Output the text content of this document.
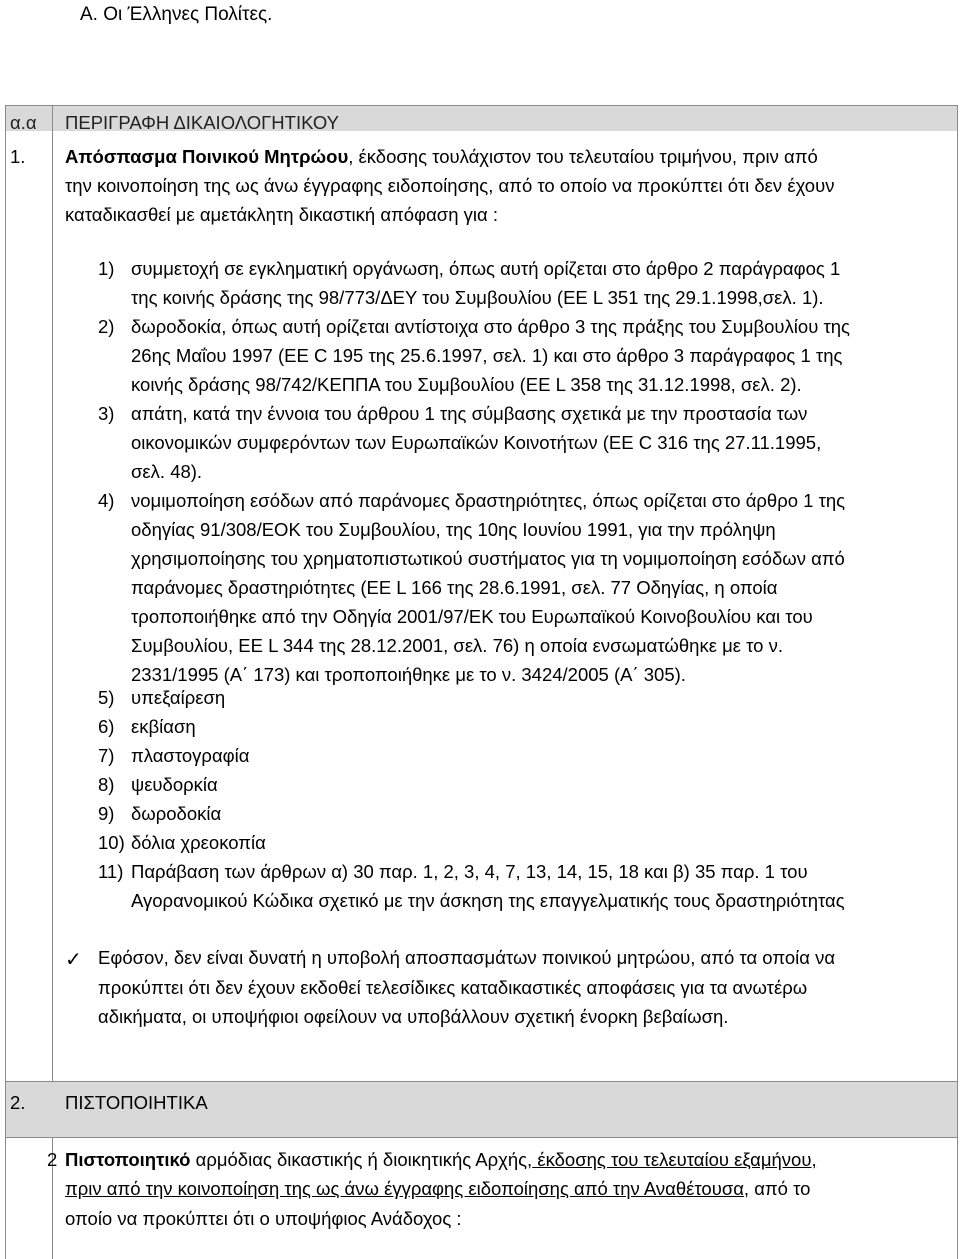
Α. Οι Έλληνες Πολίτες.
α.α ΠΕΡΙΓΡΑΦΗ ΔΙΚΑΙΟΛΟΓΗΤΙΚΟΥ
1. Απόσπασμα Ποινικού Μητρώου, έκδοσης τουλάχιστον του τελευταίου τριμήνου, πριν από
την κοινοποίηση της ως άνω έγγραφης ειδοποίησης, από το οποίο να προκύπτει ότι δεν έχουν
καταδικασθεί με αμετάκλητη δικαστική απόφαση για :
1) συμμετοχή σε εγκληματική οργάνωση, όπως αυτή ορίζεται στο άρθρο 2 παράγραφος 1
της κοινής δράσης της 98/773/ΔΕΥ του Συμβουλίου (ΕΕ L 351 της 29.1.1998,σελ. 1).
2) δωροδοκία, όπως αυτή ορίζεται αντίστοιχα στο άρθρο 3 της πράξης του Συμβουλίου της
26ης Μαΐου 1997 (ΕΕ C 195 της 25.6.1997, σελ. 1) και στο άρθρο 3 παράγραφος 1 της
κοινής δράσης 98/742/ΚΕΠΠΑ του Συμβουλίου (ΕΕ L 358 της 31.12.1998, σελ. 2).
3) απάτη, κατά την έννοια του άρθρου 1 της σύμβασης σχετικά με την προστασία των
οικονομικών συμφερόντων των Ευρωπαϊκών Κοινοτήτων (ΕΕ C 316 της 27.11.1995,
σελ. 48).
4) νομιμοποίηση εσόδων από παράνομες δραστηριότητες, όπως ορίζεται στο άρθρο 1 της
οδηγίας 91/308/ΕΟΚ του Συμβουλίου, της 10ης Ιουνίου 1991, για την πρόληψη
χρησιμοποίησης του χρηματοπιστωτικού συστήματος για τη νομιμοποίηση εσόδων από
παράνομες δραστηριότητες (ΕΕ L 166 της 28.6.1991, σελ. 77 Οδηγίας, η οποία
τροποποιήθηκε από την Οδηγία 2001/97/ΕΚ του Ευρωπαϊκού Κοινοβουλίου και του
Συμβουλίου, ΕΕ L 344 της 28.12.2001, σελ. 76) η οποία ενσωματώθηκε με το ν.
2331/1995 (Α΄ 173) και τροποποιήθηκε με το ν. 3424/2005 (Α΄ 305).
5) υπεξαίρεση
6) εκβίαση
7) πλαστογραφία
8) ψευδορκία
9) δωροδοκία
10) δόλια χρεοκοπία
11) Παράβαση των άρθρων α) 30 παρ. 1, 2, 3, 4, 7, 13, 14, 15, 18 και β) 35 παρ. 1 του
Αγορανομικού Κώδικα σχετικό με την άσκηση της επαγγελματικής τους δραστηριότητας
✓ Εφόσον, δεν είναι δυνατή η υποβολή αποσπασμάτων ποινικού μητρώου, από τα οποία να
προκύπτει ότι δεν έχουν εκδοθεί τελεσίδικες καταδικαστικές αποφάσεις για τα ανωτέρω
αδικήματα, οι υποψήφιοι οφείλουν να υποβάλλουν σχετική ένορκη βεβαίωση.
2. ΠΙΣΤΟΠΟΙΗΤΙΚΑ
2 Πιστοποιητικό αρμόδιας δικαστικής ή διοικητικής Αρχής, έκδοσης του τελευταίου εξαμήνου,
πριν από την κοινοποίηση της ως άνω έγγραφης ειδοποίησης από την Αναθέτουσα, από το
οποίο να προκύπτει ότι ο υποψήφιος Ανάδοχος :
